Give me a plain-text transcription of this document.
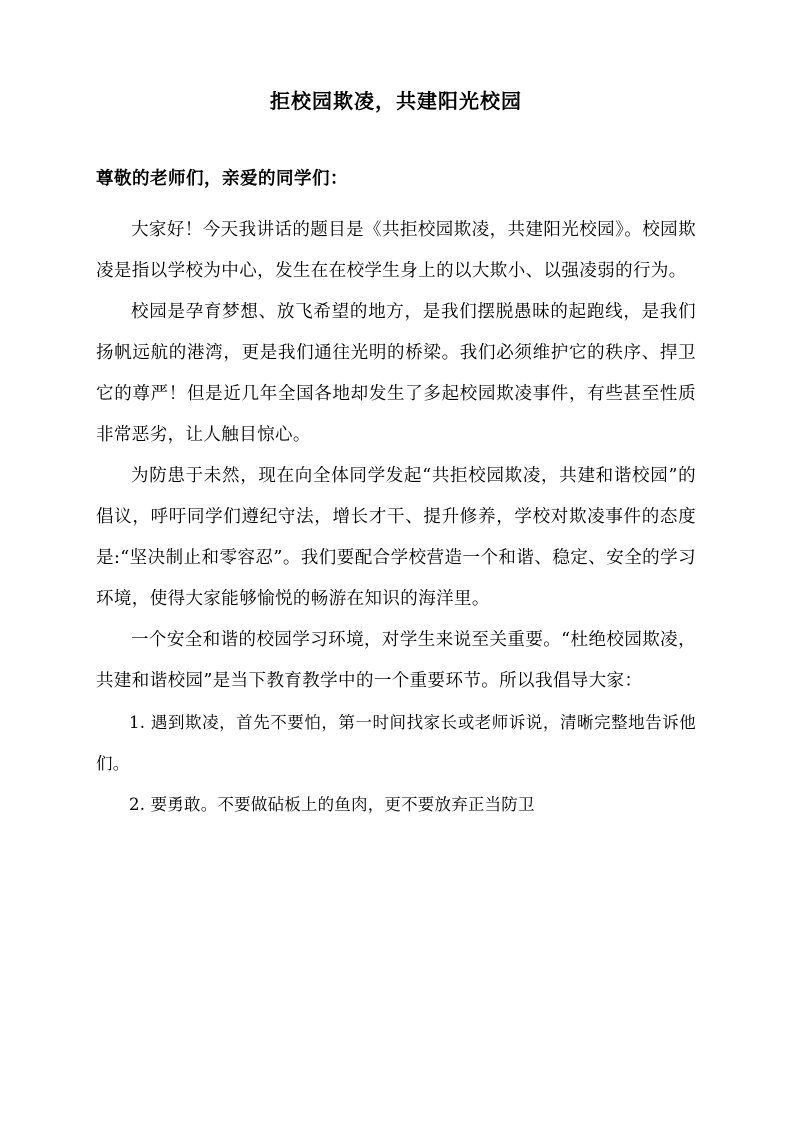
拒校园欺凌，共建阳光校园

尊敬的老师们，亲爱的同学们：

大家好！今天我讲话的题目是《共拒校园欺凌，共建阳光校园》。校园欺凌是指以学校为中心，发生在在校学生身上的以大欺小、以强凌弱的行为。

校园是孕育梦想、放飞希望的地方，是我们摆脱愚昧的起跑线，是我们扬帆远航的港湾，更是我们通往光明的桥梁。我们必须维护它的秩序、捍卫它的尊严！但是近几年全国各地却发生了多起校园欺凌事件，有些甚至性质非常恶劣，让人触目惊心。

为防患于未然，现在向全体同学发起“共拒校园欺凌，共建和谐校园”的倡议，呼吁同学们遵纪守法，增长才干、提升修养，学校对欺凌事件的态度是:“坚决制止和零容忍”。我们要配合学校营造一个和谐、稳定、安全的学习环境，使得大家能够愉悦的畅游在知识的海洋里。

一个安全和谐的校园学习环境，对学生来说至关重要。“杜绝校园欺凌，共建和谐校园”是当下教育教学中的一个重要环节。所以我倡导大家：

1. 遇到欺凌，首先不要怕，第一时间找家长或老师诉说，清晰完整地告诉他们。

2. 要勇敢。不要做砧板上的鱼肉，更不要放弃正当防卫
